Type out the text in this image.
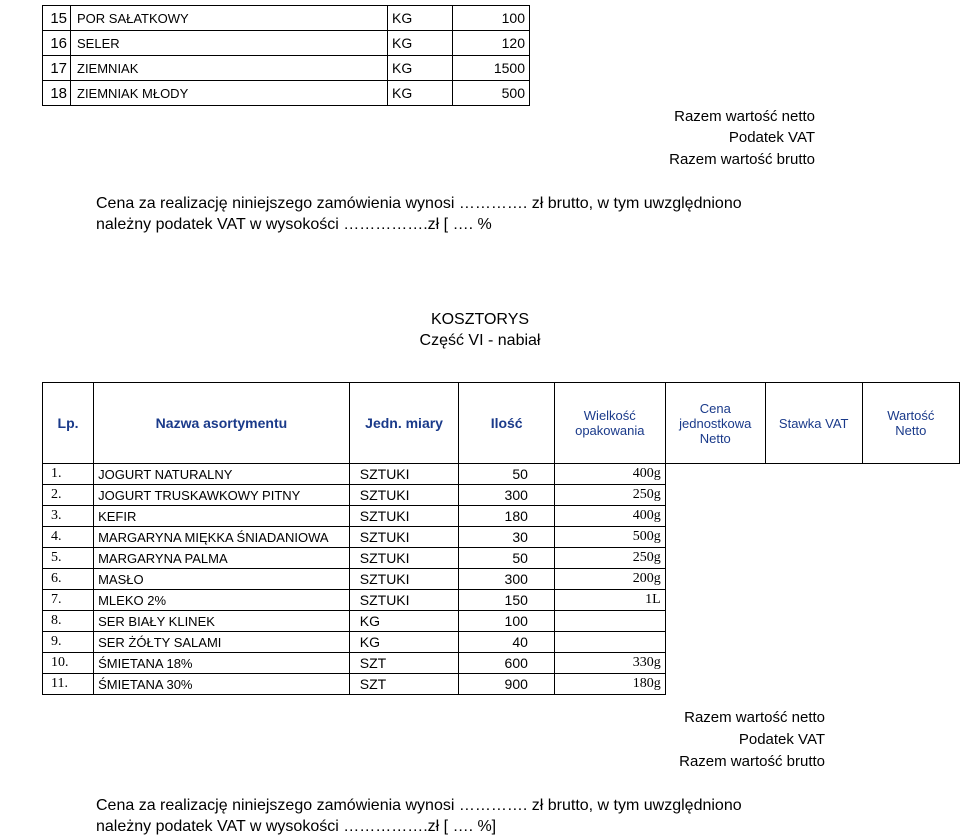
15	POR SAŁATKOWY	KG	100				
16	SELER	KG	120				
17	ZIEMNIAK	KG	1500				
18	ZIEMNIAK MŁODY	KG	500				
Razem wartość netto
Podatek VAT
Razem wartość brutto
Cena za realizację niniejszego zamówienia wynosi …………. zł brutto, w tym uwzględniono
należny podatek VAT w wysokości …………….zł [ …. %
KOSZTORYS
Część VI - nabiał
Lp.	Nazwa asortymentu	Jedn. miary	Ilość	Wielkość opakowania	Cena jednostkowa Netto	Stawka VAT	Wartość Netto
1.	JOGURT NATURALNY	SZTUKI	50	400g			
2.	JOGURT TRUSKAWKOWY PITNY	SZTUKI	300	250g			
3.	KEFIR	SZTUKI	180	400g			
4.	MARGARYNA MIĘKKA ŚNIADANIOWA	SZTUKI	30	500g			
5.	MARGARYNA PALMA	SZTUKI	50	250g			
6.	MASŁO	SZTUKI	300	200g			
7.	MLEKO 2%	SZTUKI	150	1L			
8.	SER BIAŁY KLINEK	KG	100				
9.	SER ŻÓŁTY SALAMI	KG	40				
10.	ŚMIETANA 18%	SZT	600	330g			
11.	ŚMIETANA 30%	SZT	900	180g			
Razem wartość netto
Podatek VAT
Razem wartość brutto
Cena za realizację niniejszego zamówienia wynosi …………. zł brutto, w tym uwzględniono
należny podatek VAT w wysokości …………….zł [ …. %]
